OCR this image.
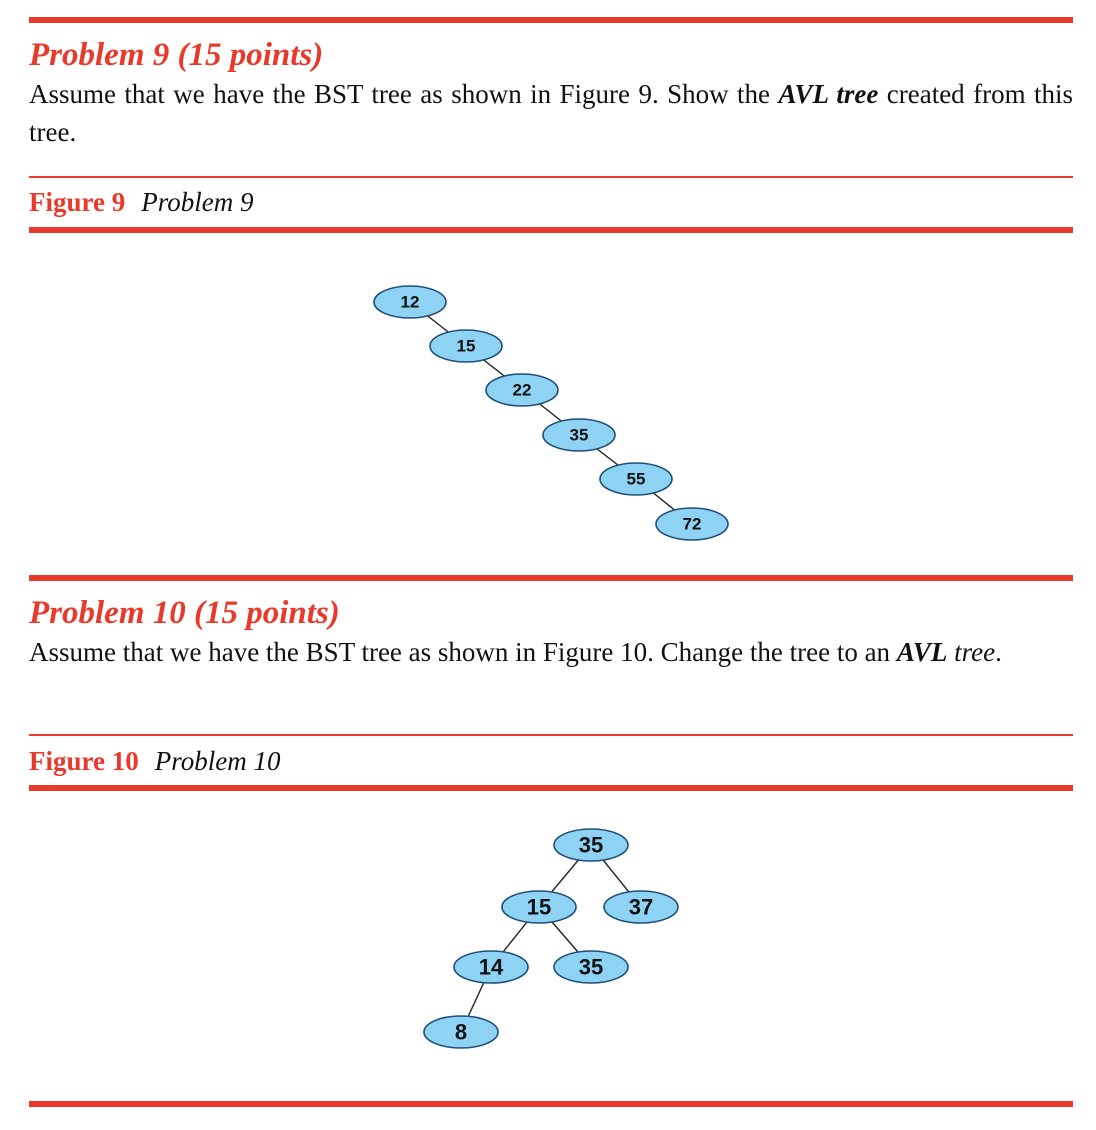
Problem 9 (15 points)

Assume that we have the BST tree as shown in Figure 9. Show the AVL tree created from this tree.

Figure 9 Problem 9
Problem 10 (15 points)

Assume that we have the BST tree as shown in Figure 10. Change the tree to an AVL tree.

Figure 10 Problem 10
12
15
22
35
55
72
35
15	37
14	35
8
